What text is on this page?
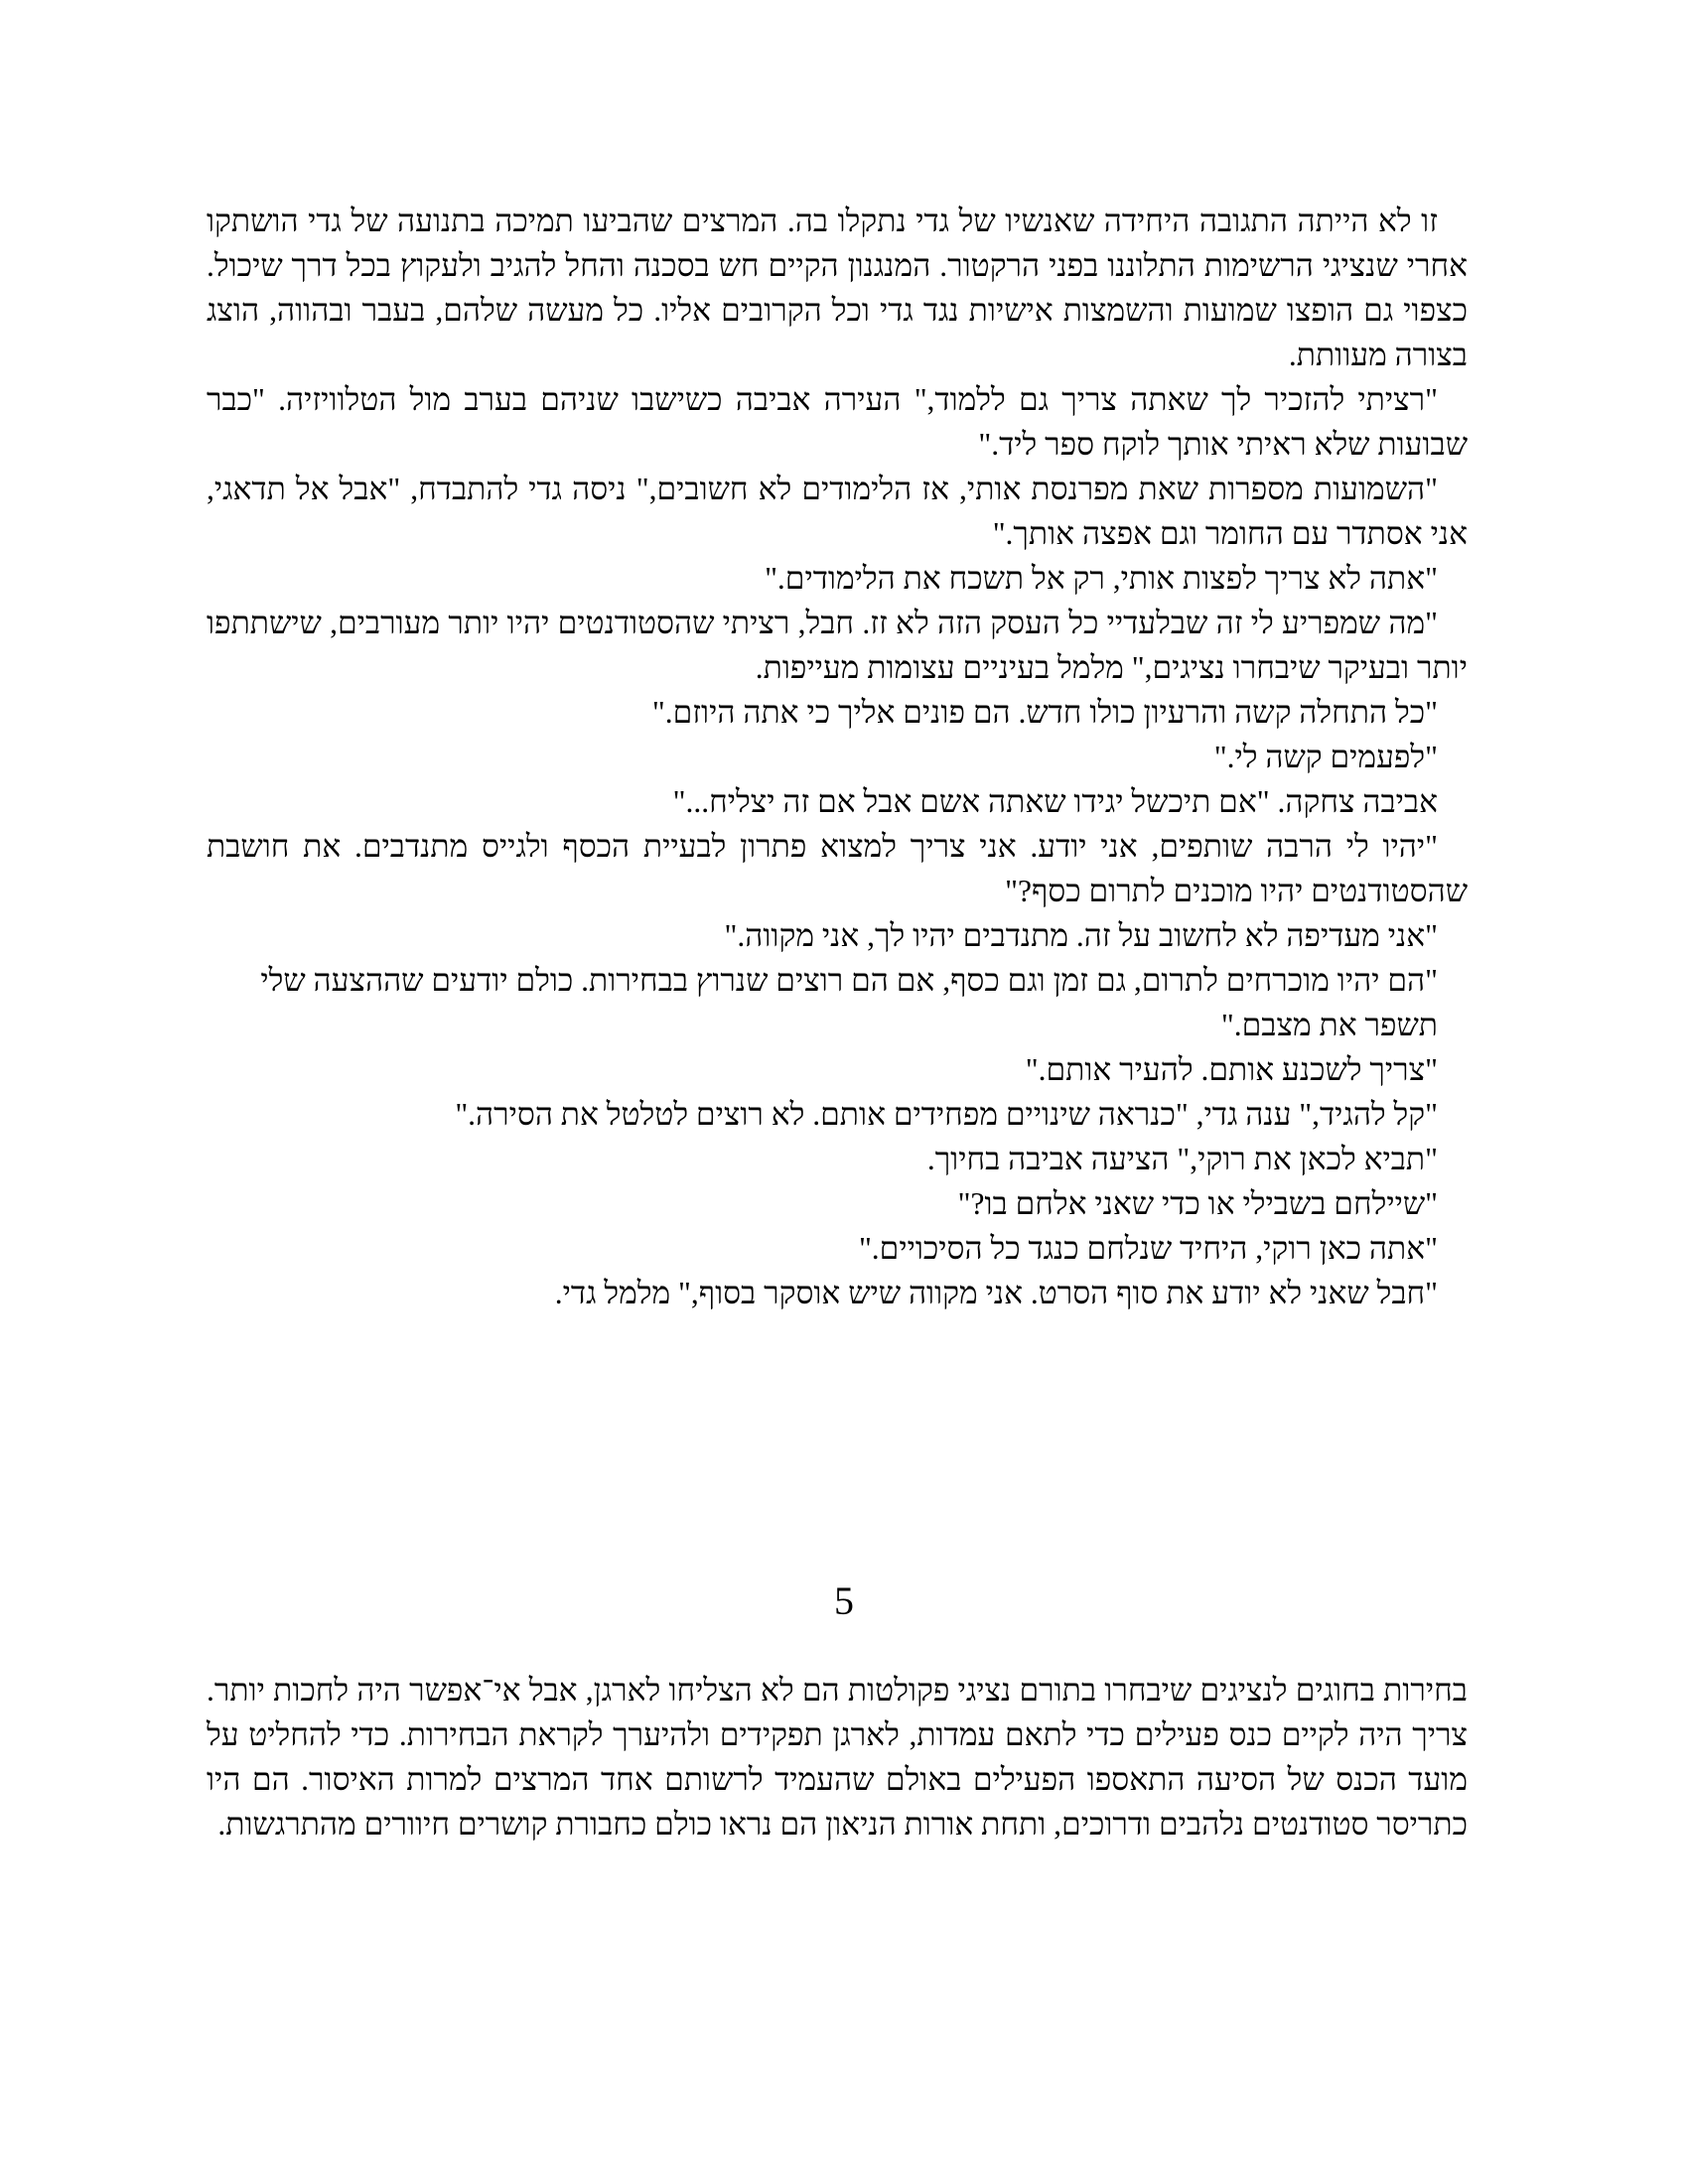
זו לא הייתה התגובה היחידה שאנשיו של גדי נתקלו בה. המרצים שהביעו תמיכה בתנועה של גדי הושתקו אחרי שנציגי הרשימות התלוננו בפני הרקטור. המנגנון הקיים חש בסכנה והחל להגיב ולעקוץ בכל דרך שיכול. כצפוי גם הופצו שמועות והשמצות אישיות נגד גדי וכל הקרובים אליו. כל מעשה שלהם, בעבר ובהווה, הוצג בצורה מעוותת.

"רציתי להזכיר לך שאתה צריך גם ללמוד," העירה אביבה כשישבו שניהם בערב מול הטלוויזיה. "כבר שבועות שלא ראיתי אותך לוקח ספר ליד."

"השמועות מספרות שאת מפרנסת אותי, אז הלימודים לא חשובים," ניסה גדי להתבדח, "אבל אל תדאגי, אני אסתדר עם החומר וגם אפצה אותך."

"אתה לא צריך לפצות אותי, רק אל תשכח את הלימודים."

"מה שמפריע לי זה שבלעדיי כל העסק הזה לא זז. חבל, רציתי שהסטודנטים יהיו יותר מעורבים, שישתתפו יותר ובעיקר שיבחרו נציגים," מלמל בעיניים עצומות מעייפות.

"כל התחלה קשה והרעיון כולו חדש. הם פונים אליך כי אתה היוזם."

"לפעמים קשה לי."

אביבה צחקה. "אם תיכשל יגידו שאתה אשם אבל אם זה יצליח..."

"יהיו לי הרבה שותפים, אני יודע. אני צריך למצוא פתרון לבעיית הכסף ולגייס מתנדבים. את חושבת שהסטודנטים יהיו מוכנים לתרום כסף?"

"אני מעדיפה לא לחשוב על זה. מתנדבים יהיו לך, אני מקווה."

"הם יהיו מוכרחים לתרום, גם זמן וגם כסף, אם הם רוצים שנרוץ בבחירות. כולם יודעים שההצעה שלי תשפר את מצבם."

"צריך לשכנע אותם. להעיר אותם."

"קל להגיד," ענה גדי, "כנראה שינויים מפחידים אותם. לא רוצים לטלטל את הסירה."

"תביא לכאן את רוקי," הציעה אביבה בחיוך.

"שיילחם בשבילי או כדי שאני אלחם בו?"

"אתה כאן רוקי, היחיד שנלחם כנגד כל הסיכויים."

"חבל שאני לא יודע את סוף הסרט. אני מקווה שיש אוסקר בסוף," מלמל גדי.

5

בחירות בחוגים לנציגים שיבחרו בתורם נציגי פקולטות הם לא הצליחו לארגן, אבל אי־אפשר היה לחכות יותר. צריך היה לקיים כנס פעילים כדי לתאם עמדות, לארגן תפקידים ולהיערך לקראת הבחירות. כדי להחליט על מועד הכנס של הסיעה התאספו הפעילים באולם שהעמיד לרשותם אחד המרצים למרות האיסור. הם היו כתריסר סטודנטים נלהבים ודרוכים, ותחת אורות הניאון הם נראו כולם כחבורת קושרים חיוורים מהתרגשות.
